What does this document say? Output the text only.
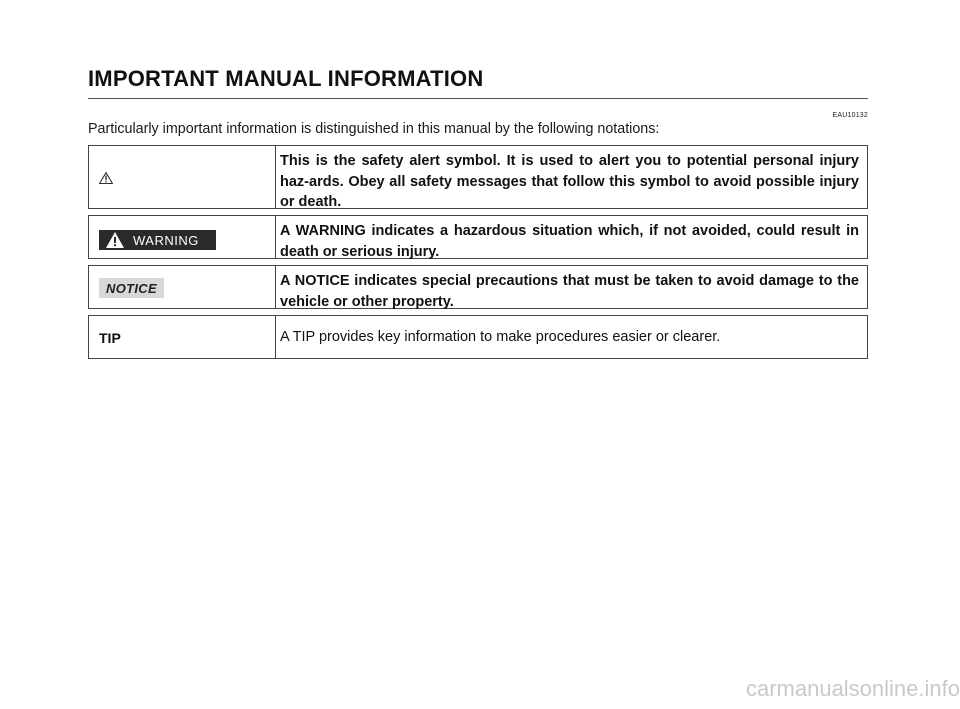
IMPORTANT MANUAL INFORMATION
EAU10132
Particularly important information is distinguished in this manual by the following notations:
This is the safety alert symbol. It is used to alert you to potential personal injury haz-ards. Obey all safety messages that follow this symbol to avoid possible injury or death.
WARNING
A WARNING indicates a hazardous situation which, if not avoided, could result in death or serious injury.
NOTICE	A NOTICE indicates special precautions that must be taken to avoid damage to the vehicle or other property.
TIP	A TIP provides key information to make procedures easier or clearer.
carmanualsonline.info
